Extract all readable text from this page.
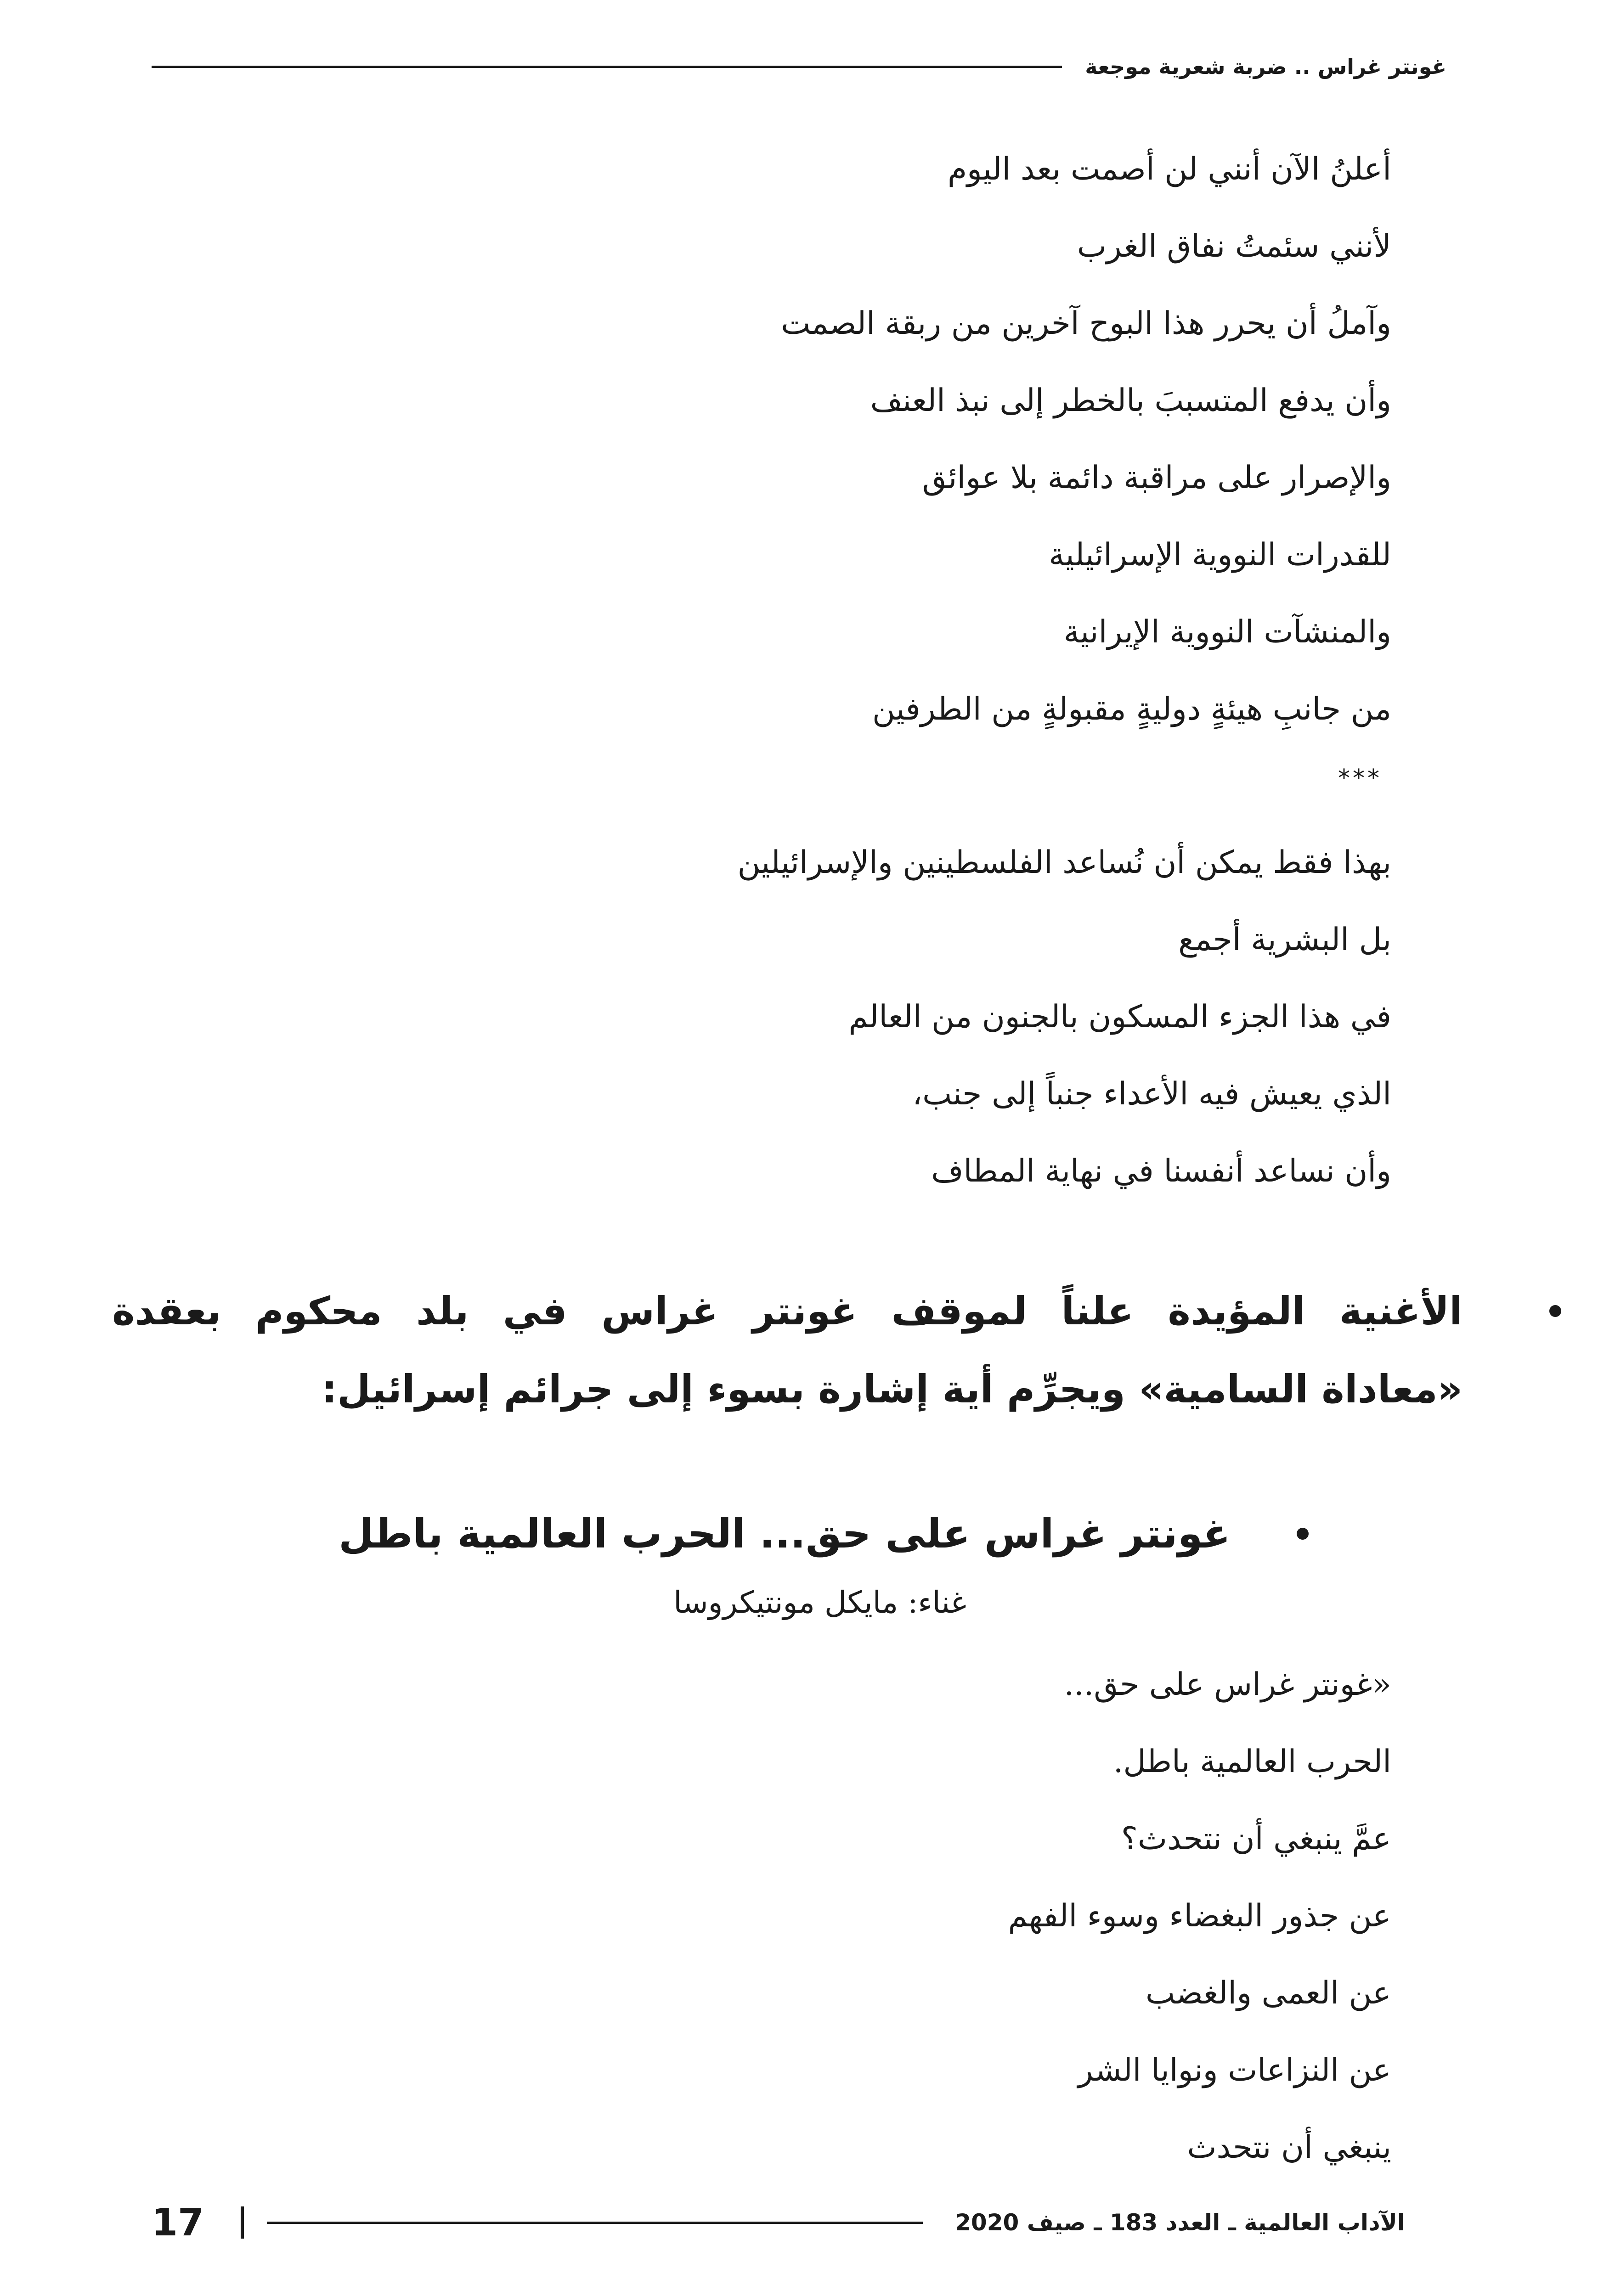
غونتر غراس .. ضربة شعرية موجعة
أعلنُ الآن أنني لن أصمت بعد اليوم
لأنني سئمتُ نفاق الغرب
وآملُ أن يحرر هذا البوح آخرين من ربقة الصمت
وأن يدفع المتسببَ بالخطر إلى نبذ العنف
والإصرار على مراقبة دائمة بلا عوائق
للقدرات النووية الإسرائيلية
والمنشآت النووية الإيرانية
من جانبِ هيئةٍ دوليةٍ مقبولةٍ من الطرفين
***
بهذا فقط يمكن أن نُساعد الفلسطينين والإسرائيلين
بل البشرية أجمع
في هذا الجزء المسكون بالجنون من العالم
الذي يعيش فيه الأعداء جنباً إلى جنب،
وأن نساعد أنفسنا في نهاية المطاف
الأغنية
المؤيدة
علناً
لموقف
غونتر
غراس
في
بلد
محكوم
بعقدة
«معاداة السامية» ويجرِّم أية إشارة بسوء إلى جرائم إسرائيل:
غونتر غراس على حق... الحرب العالمية باطل
غناء: مايكل مونتيكروسا
«غونتر غراس على حق...
الحرب العالمية باطل.
عمَّ ينبغي أن نتحدث؟
عن جذور البغضاء وسوء الفهم
عن العمى والغضب
عن النزاعات ونوايا الشر
ينبغي أن نتحدث
17	الآداب العالمية ـ العدد 183 ـ صيف 2020
